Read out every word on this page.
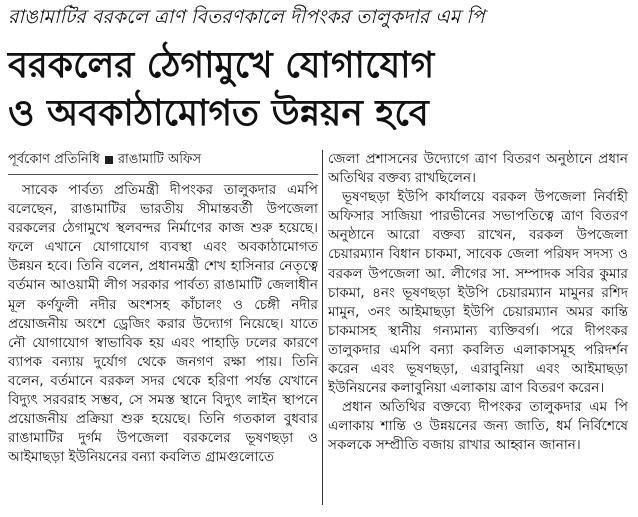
রাঙামাটির বরকলে ত্রাণ বিতরণকালে দীপংকর তালুকদার এম পি
বরকলের ঠেগামুখে যোগাযোগ
ও অবকাঠামোগত উন্নয়ন হবে
পূর্বকোণ প্রতিনিধি রাঙামাটি অফিস

সাবেক পার্বত্য প্রতিমন্ত্রী দীপংকর তালুকদার এমপি বলেছেন, রাঙামাটির ভারতীয় সীমান্তবর্তী উপজেলা বরকলের ঠেগামুখে স্থলবন্দর নির্মাণের কাজ শুরু হয়েছে। ফলে এখানে যোগাযোগ ব্যবস্থা এবং অবকাঠামোগত উন্নয়ন হবে। তিনি বলেন, প্রধানমন্ত্রী শেখ হাসিনার নেতৃত্বে বর্তমান আওয়ামী লীগ সরকার পার্বত্য রাঙামাটি জেলাধীন মূল কর্ণফুলী নদীর অংশসহ কাঁচালং ও চেঙ্গী নদীর প্রয়োজনীয় অংশে ড্রেজিং করার উদ্যোগ নিয়েছে। যাতে নৌ যোগাযোগ স্বাভাবিক হয় এবং পাহাড়ি ঢলের কারণে ব্যাপক বন্যায় দুর্যোগ থেকে জনগণ রক্ষা পায়। তিনি বলেন, বর্তমানে বরকল সদর থেকে হরিণা পর্যন্ত যেখানে বিদ্যুৎ সরবরাহ সম্ভব, সে সমস্ত স্থানে বিদ্যুৎ লাইন স্থাপনে প্রয়োজনীয় প্রক্রিয়া শুরু হয়েছে। তিনি গতকাল বুধবার রাঙামাটির দুর্গম উপজেলা বরকলের ভূষণছড়া ও আইমাছড়া ইউনিয়নের বন্যা কবলিত গ্রামগুলোতে

জেলা প্রশাসনের উদ্যোগে ত্রাণ বিতরণ অনুষ্ঠানে প্রধান অতিথির বক্তব্য রাখছিলেন।

ভূষণছড়া ইউপি কার্যালয়ে বরকল উপজেলা নির্বাহী অফিসার সাজিয়া পারভীনের সভাপতিত্বে ত্রাণ বিতরণ অনুষ্ঠানে আরো বক্তব্য রাখেন, বরকল উপজেলা চেয়ারম্যান বিধান চাকমা, সাবেক জেলা পরিষদ সদস্য ও বরকল উপজেলা আ. লীগের সা. সম্পাদক সবির কুমার চাকমা, ৪নং ভূষণছড়া ইউপি চেয়ারম্যান মামুনর রশিদ মামুন, ৩নং আইমাছড়া ইউপি চেয়ারম্যান অমর কান্তি চাকমাসহ স্থানীয় গন্যমান্য ব্যক্তিবর্গ। পরে দীপংকর তালুকদার এমপি বন্যা কবলিত এলাকাসমূহ পরিদর্শন করেন এবং ভূষণছড়া, এরাবুনিয়া এবং আইমাছড়া ইউনিয়নের কলাবুনিয়া এলাকায় ত্রাণ বিতরণ করেন।

প্রধান অতিথির বক্তব্যে দীপংকর তালুকদার এম পি এলাকায় শান্তি ও উন্নয়নের জন্য জাতি, ধর্ম নির্বিশেষে সকলকে সম্প্রীতি বজায় রাখার আহ্বান জানান।
